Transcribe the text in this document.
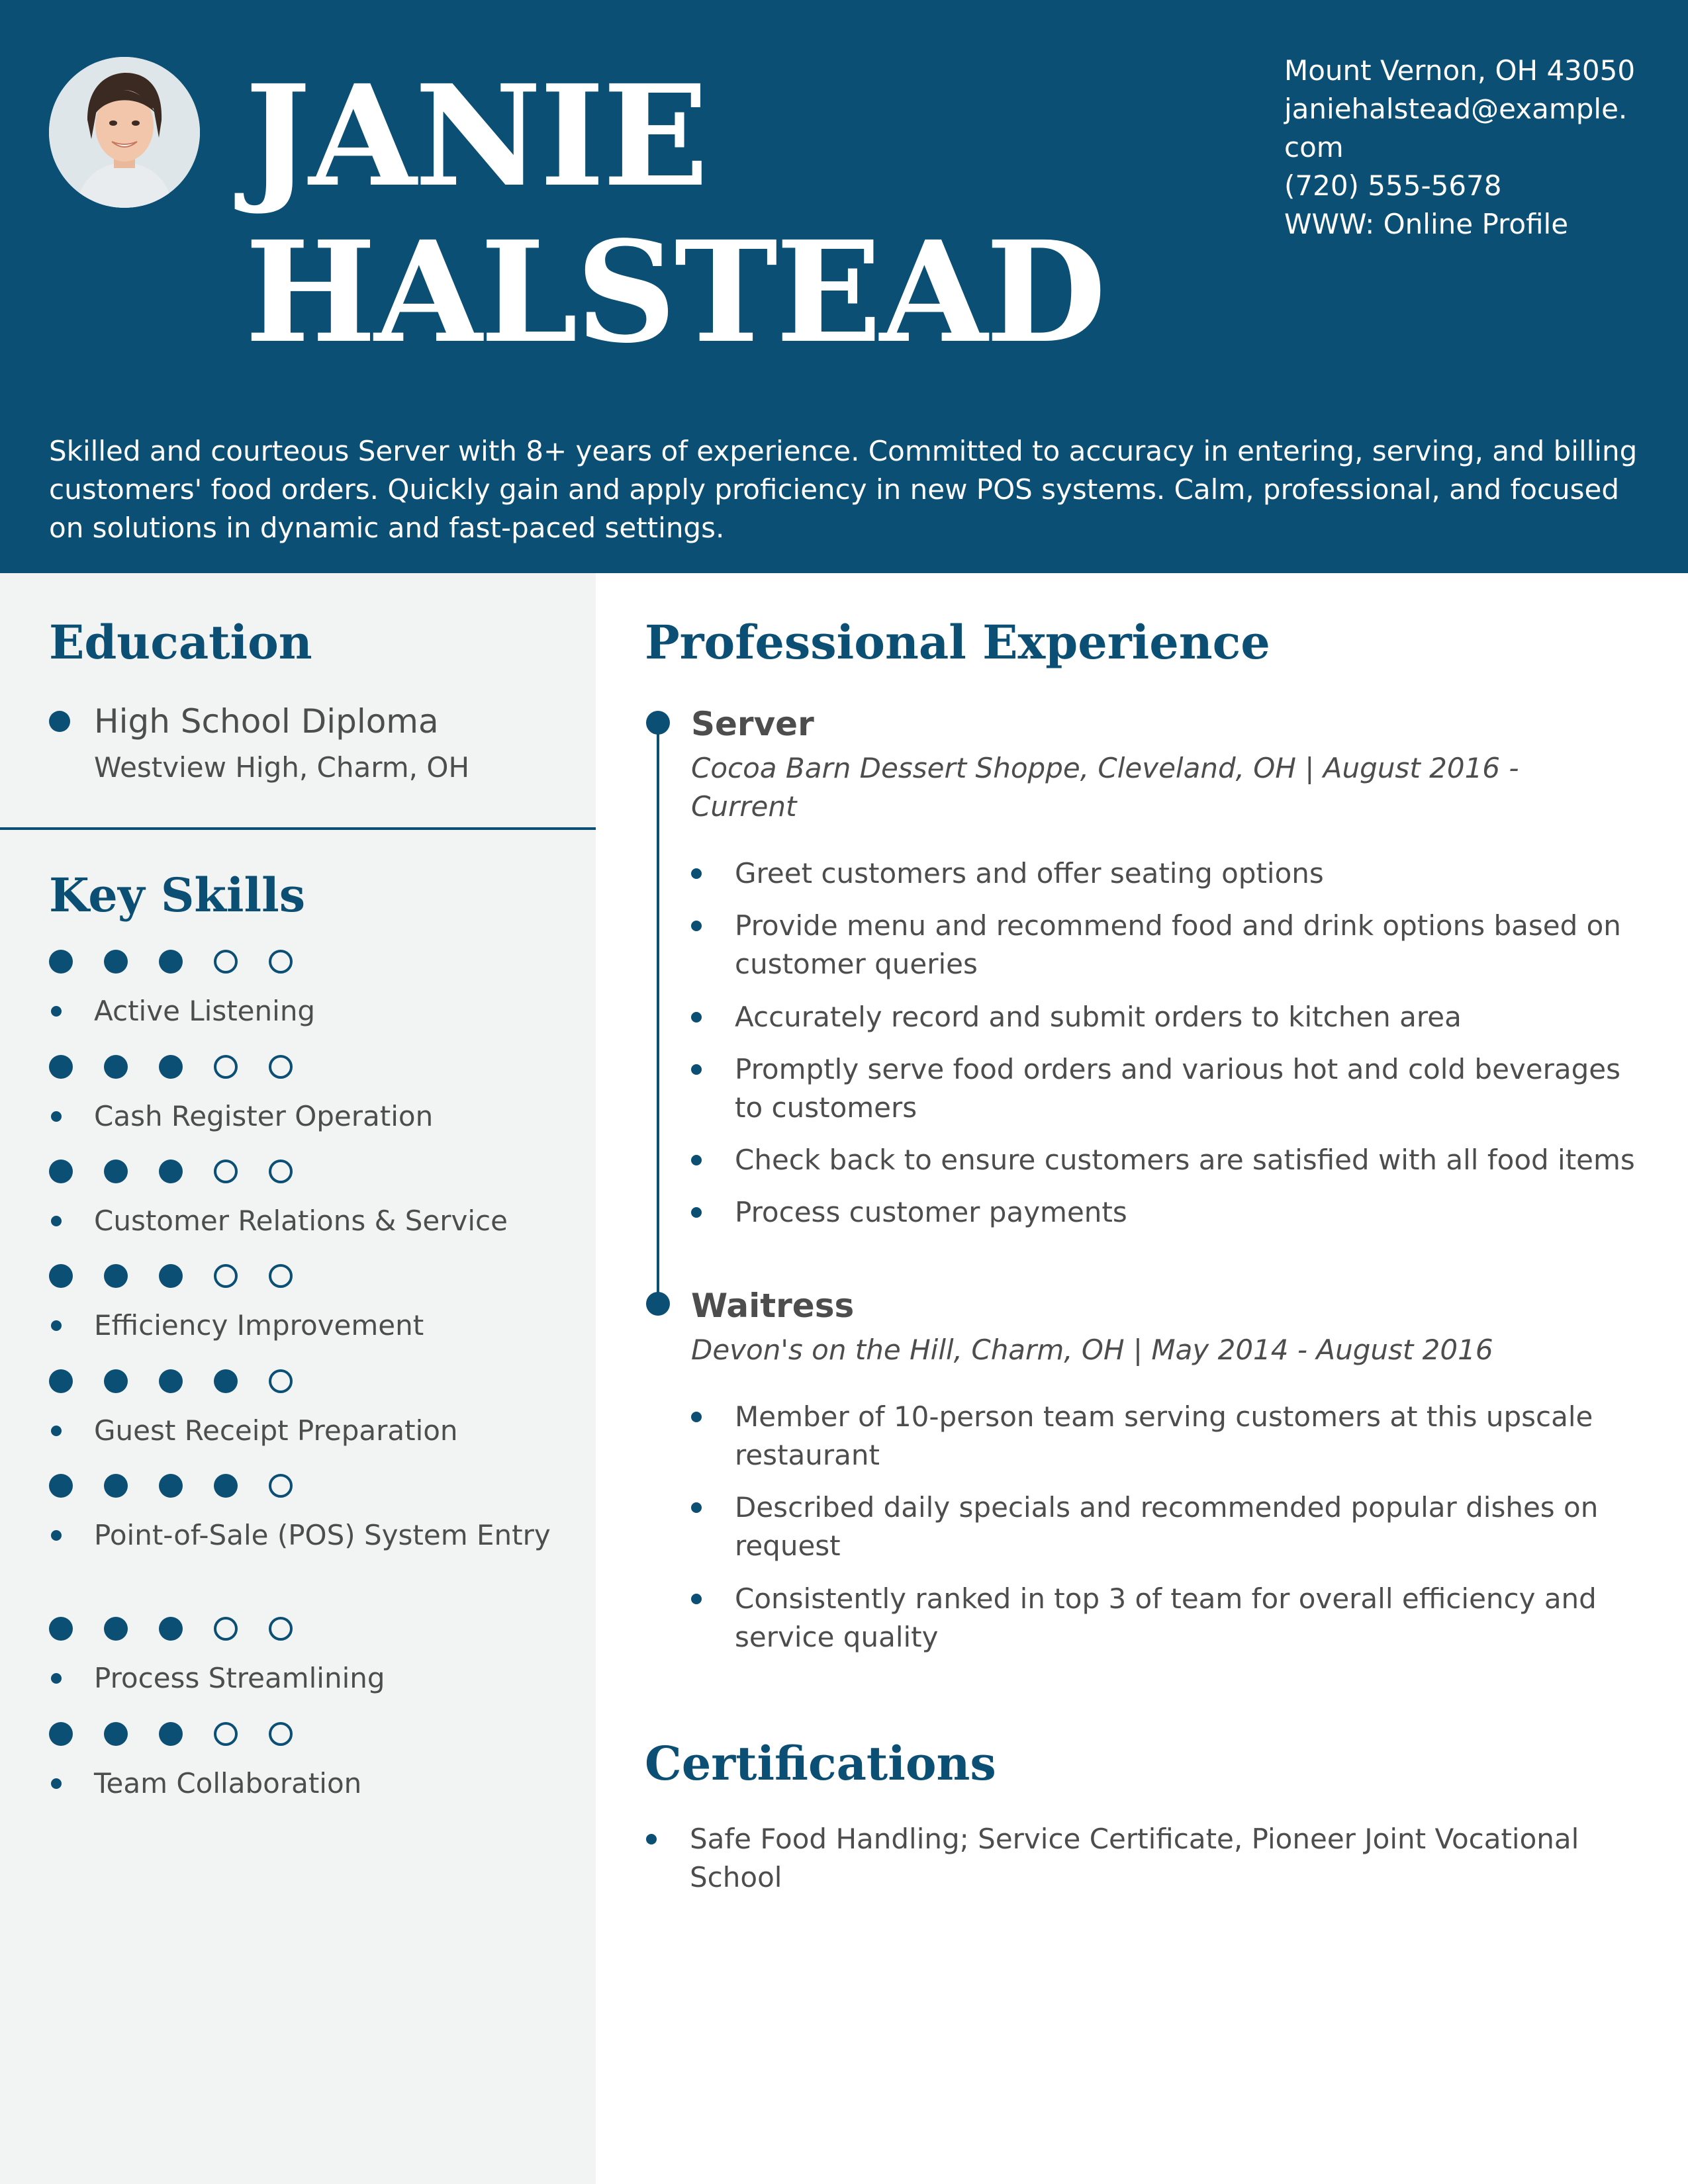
JANIE
HALSTEAD
Mount Vernon, OH 43050
janiehalstead@example.
com
(720) 555-5678
WWW: Online Profile

Skilled and courteous Server with 8+ years of experience. Committed to accuracy in entering, serving, and billing customers' food orders. Quickly gain and apply proficiency in new POS systems. Calm, professional, and focused on solutions in dynamic and fast-paced settings.

Education
High School Diploma
Westview High, Charm, OH
Key Skills
Active Listening
Cash Register Operation
Customer Relations & Service
Efficiency Improvement
Guest Receipt Preparation
Point-of-Sale (POS) System Entry
Process Streamlining
Team Collaboration
Professional Experience
Server
Cocoa Barn Dessert Shoppe, Cleveland, OH | August 2016 - Current
Greet customers and offer seating options
Provide menu and recommend food and drink options based on customer queries
Accurately record and submit orders to kitchen area
Promptly serve food orders and various hot and cold beverages to customers
Check back to ensure customers are satisfied with all food items
Process customer payments
Waitress
Devon's on the Hill, Charm, OH | May 2014 - August 2016
Member of 10-person team serving customers at this upscale restaurant
Described daily specials and recommended popular dishes on request
Consistently ranked in top 3 of team for overall efficiency and service quality
Certifications
Safe Food Handling; Service Certificate, Pioneer Joint Vocational School
